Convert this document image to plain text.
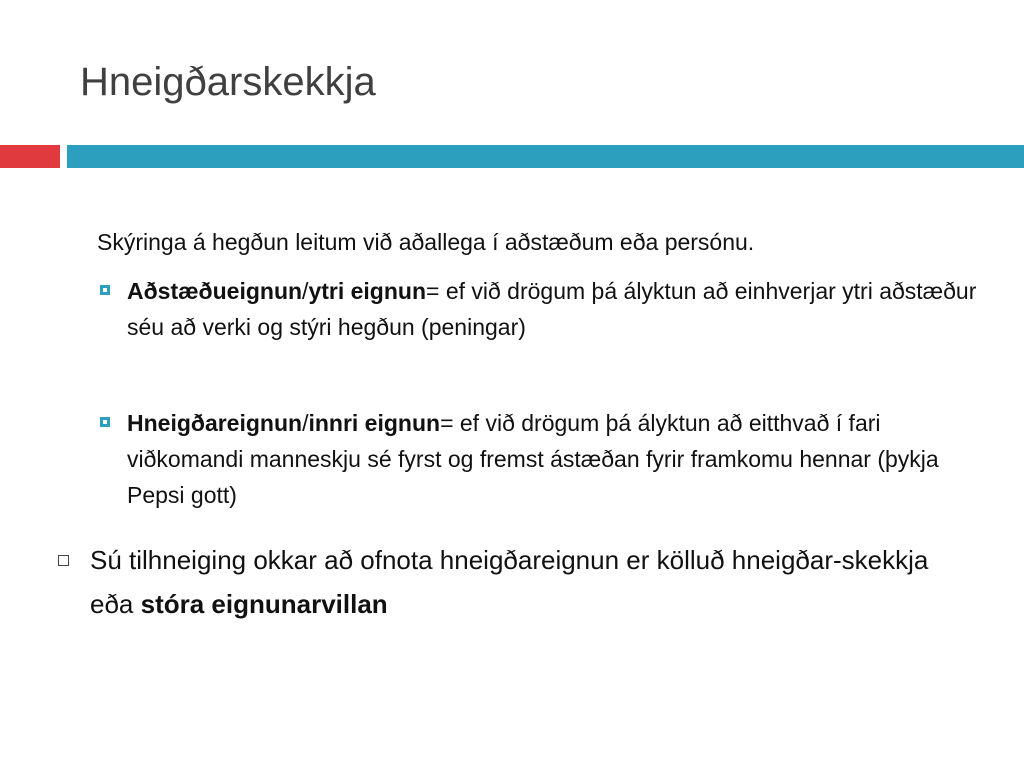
Hneigðarskekkja
Skýringa á hegðun leitum við aðallega í aðstæðum eða persónu.
Aðstæðueignun/ytri eignun= ef við drögum þá ályktun að einhverjar ytri aðstæður séu að verki og stýri hegðun (peningar)
Hneigðareignun/innri eignun= ef við drögum þá ályktun að eitthvað í fari viðkomandi manneskju sé fyrst og fremst ástæðan fyrir framkomu hennar (þykja Pepsi gott)
Sú tilhneiging okkar að ofnota hneigðareignun er kölluð hneigðar-skekkja eða stóra eignunarvillan
